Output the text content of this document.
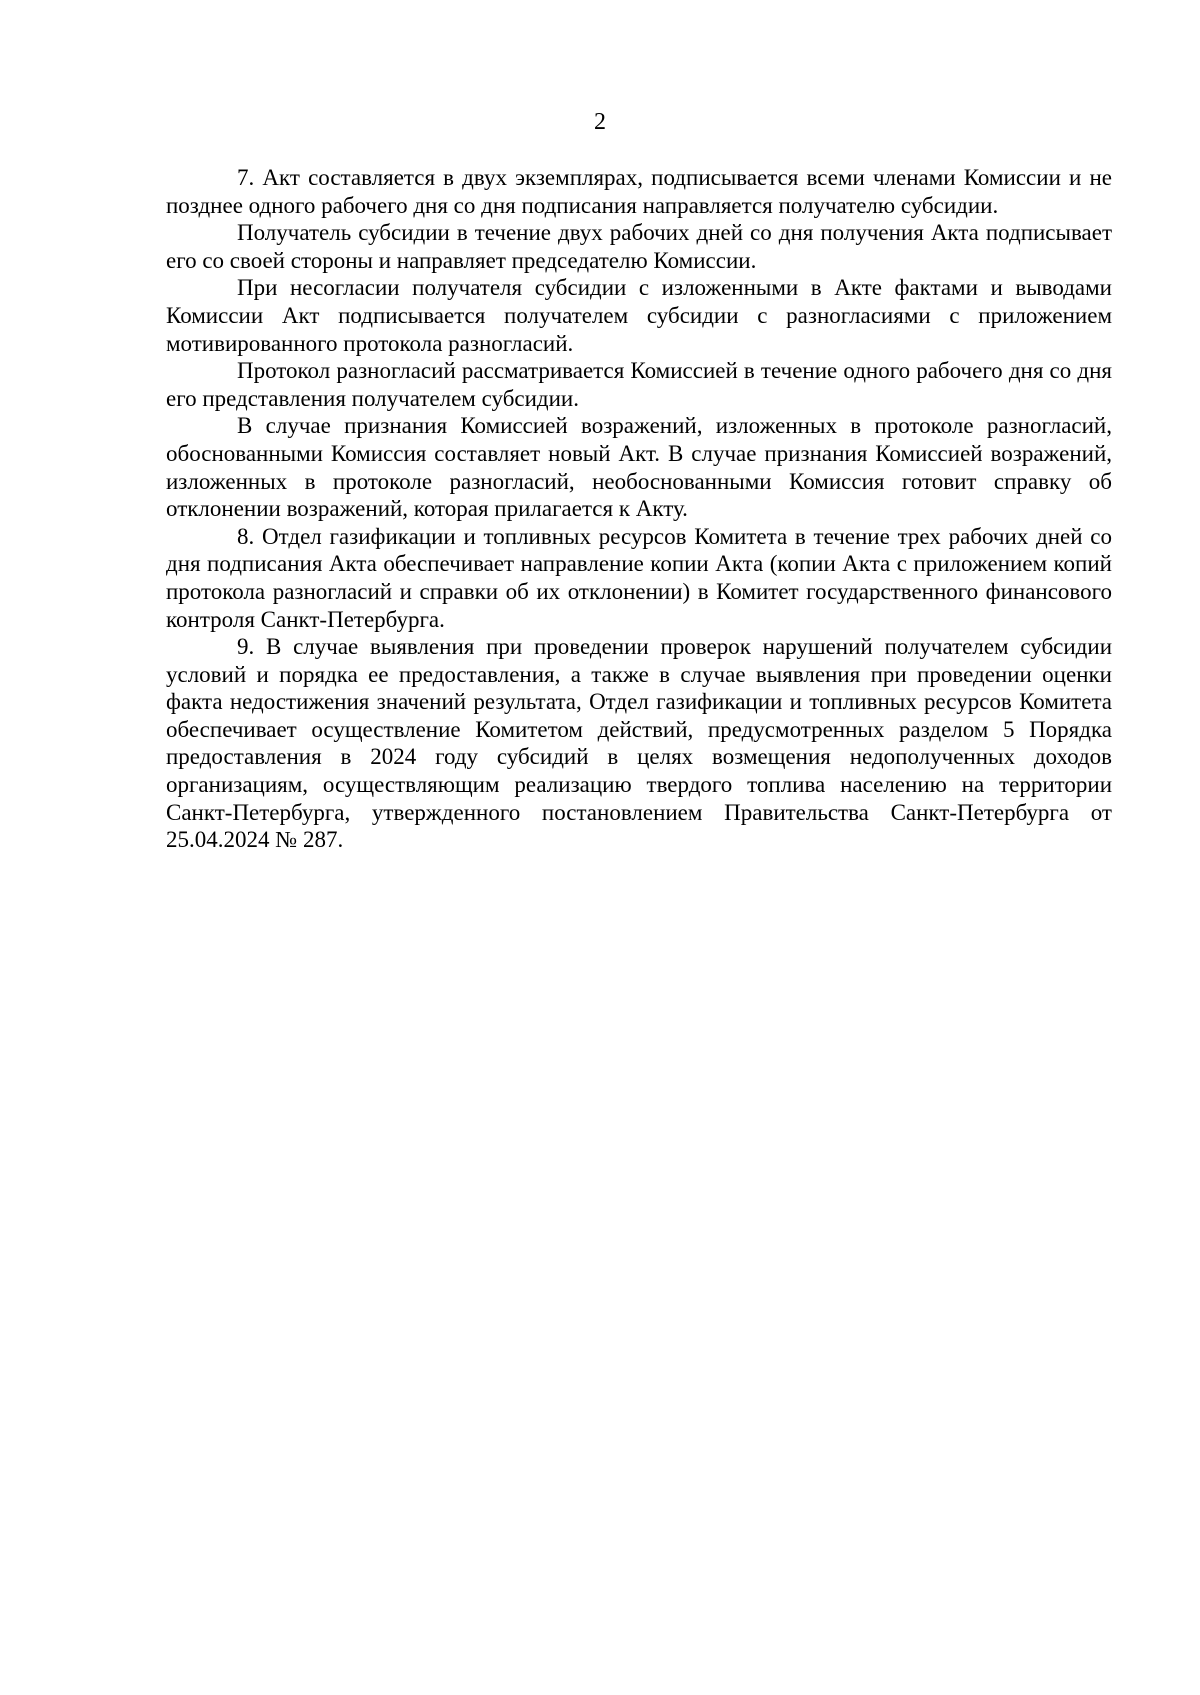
2

7. Акт составляется в двух экземплярах, подписывается всеми членами Комиссии и не позднее одного рабочего дня со дня подписания направляется получателю субсидии.

Получатель субсидии в течение двух рабочих дней со дня получения Акта подписывает его со своей стороны и направляет председателю Комиссии.

При несогласии получателя субсидии с изложенными в Акте фактами и выводами Комиссии Акт подписывается получателем субсидии с разногласиями с приложением мотивированного протокола разногласий.

Протокол разногласий рассматривается Комиссией в течение одного рабочего дня со дня его представления получателем субсидии.

В случае признания Комиссией возражений, изложенных в протоколе разногласий, обоснованными Комиссия составляет новый Акт. В случае признания Комиссией возражений, изложенных в протоколе разногласий, необоснованными Комиссия готовит справку об отклонении возражений, которая прилагается к Акту.

8. Отдел газификации и топливных ресурсов Комитета в течение трех рабочих дней со дня подписания Акта обеспечивает направление копии Акта (копии Акта с приложением копий протокола разногласий и справки об их отклонении) в Комитет государственного финансового контроля Санкт-Петербурга.

9. В случае выявления при проведении проверок нарушений получателем субсидии условий и порядка ее предоставления, а также в случае выявления при проведении оценки факта недостижения значений результата, Отдел газификации и топливных ресурсов Комитета обеспечивает осуществление Комитетом действий, предусмотренных разделом 5 Порядка предоставления в 2024 году субсидий в целях возмещения недополученных доходов организациям, осуществляющим реализацию твердого топлива населению на территории Санкт-Петербурга, утвержденного постановлением Правительства Санкт-Петербурга от 25.04.2024 № 287.
